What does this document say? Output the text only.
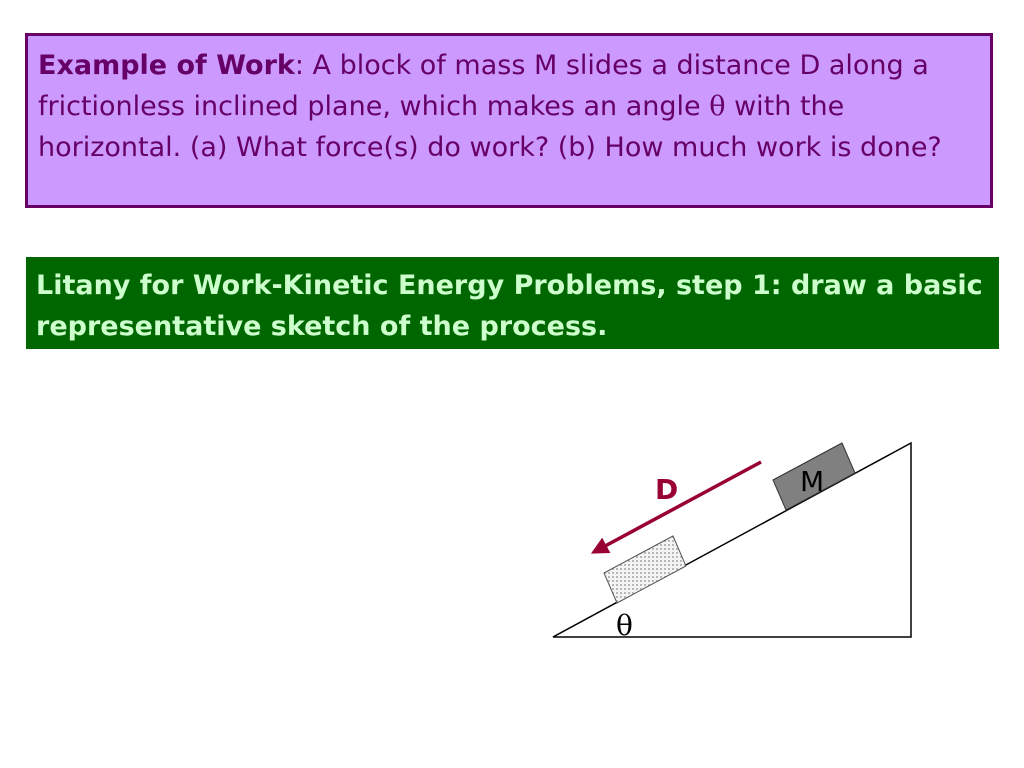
Example of Work: A block of mass M slides a distance D along a frictionless inclined plane, which makes an angle θ with the horizontal. (a) What force(s) do work? (b) How much work is done?
Litany for Work-Kinetic Energy Problems, step 1: draw a basic representative sketch of the process.
M
D
θ
